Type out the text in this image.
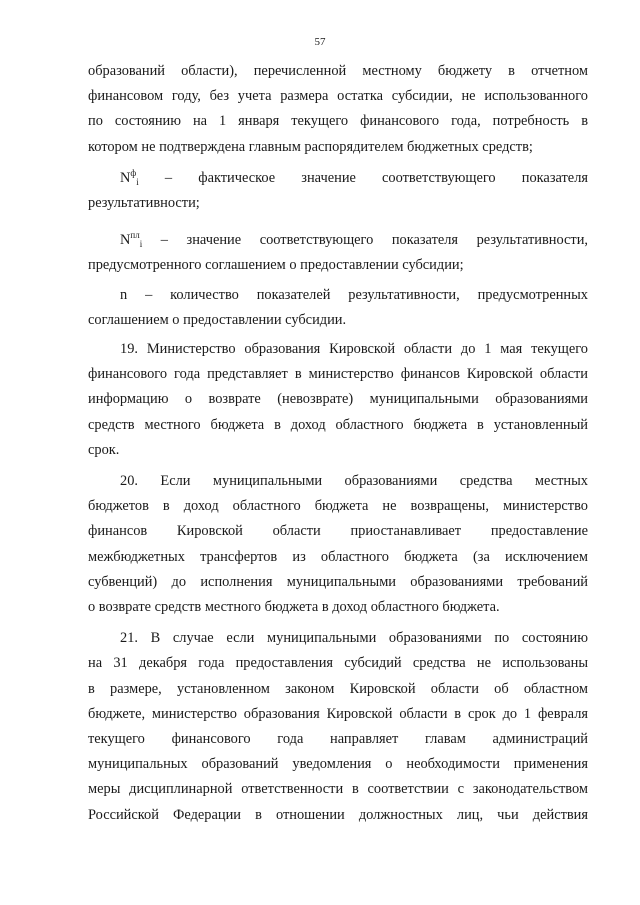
57
образований области), перечисленной местному бюджету в отчетном
финансовом году, без учета размера остатка субсидии, не использованного
по состоянию на 1 января текущего финансового года, потребность в
котором не подтверждена главным распорядителем бюджетных средств;
$N^ф_i$ – фактическое значение соответствующего показателя
результативности;
$N^{пл}_i$ – значение соответствующего показателя результативности,
предусмотренного соглашением о предоставлении субсидии;
n – количество показателей результативности, предусмотренных
соглашением о предоставлении субсидии.
19. Министерство образования Кировской области до 1 мая текущего
финансового года представляет в министерство финансов Кировской области
информацию о возврате (невозврате) муниципальными образованиями
средств местного бюджета в доход областного бюджета в установленный
срок.
20. Если муниципальными образованиями средства местных
бюджетов в доход областного бюджета не возвращены, министерство
финансов Кировской области приостанавливает предоставление
межбюджетных трансфертов из областного бюджета (за исключением
субвенций) до исполнения муниципальными образованиями требований
о возврате средств местного бюджета в доход областного бюджета.
21. В случае если муниципальными образованиями по состоянию
на 31 декабря года предоставления субсидий средства не использованы
в размере, установленном законом Кировской области об областном
бюджете, министерство образования Кировской области в срок до 1 февраля
текущего финансового года направляет главам администраций
муниципальных образований уведомления о необходимости применения
меры дисциплинарной ответственности в соответствии с законодательством
Российской Федерации в отношении должностных лиц, чьи действия
